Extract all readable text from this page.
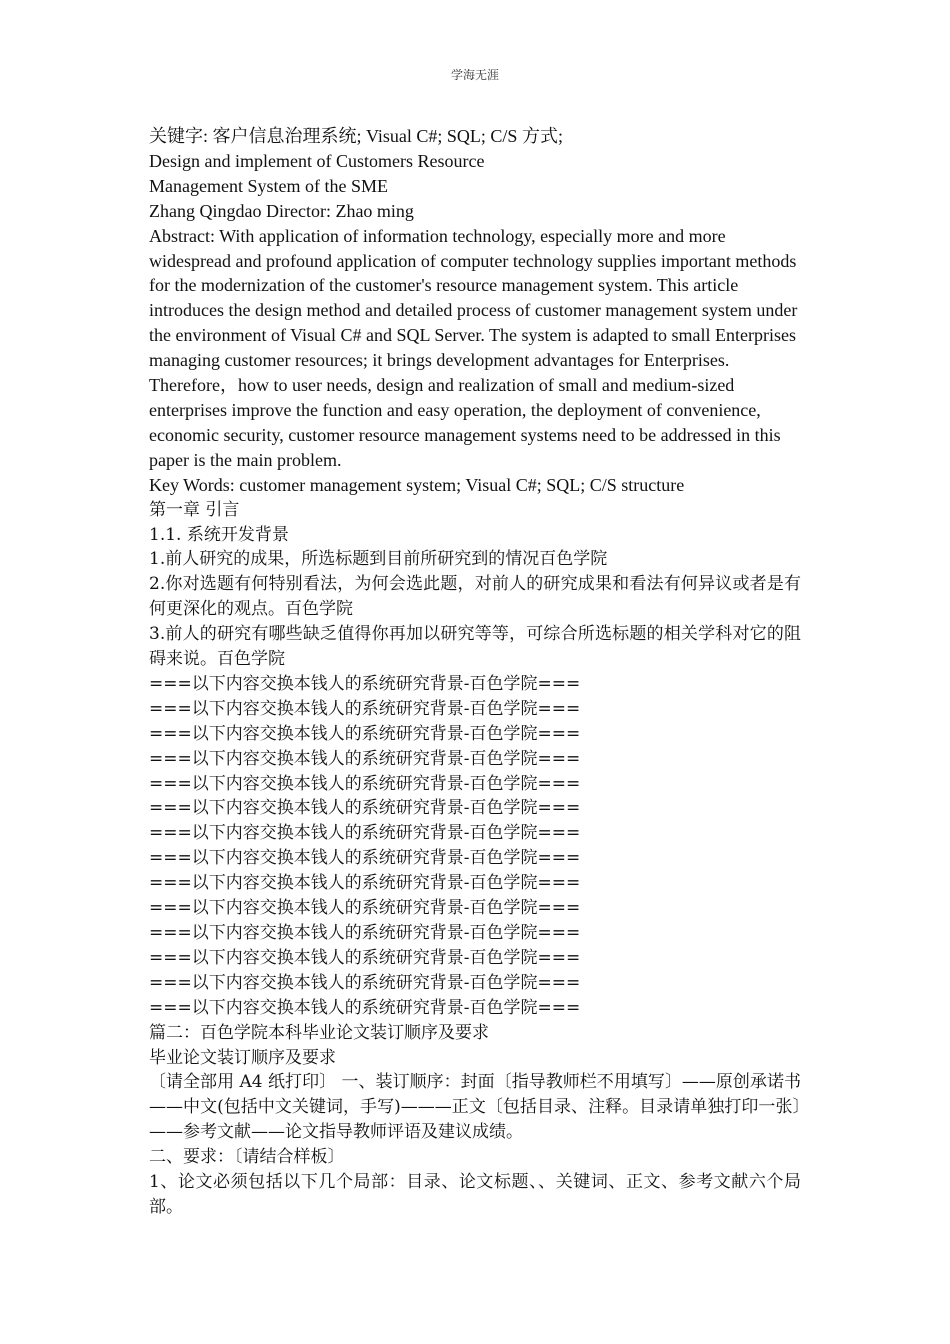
学海无涯

关键字: 客户信息治理系统; Visual C#; SQL; C/S 方式;

Design and implement of Customers Resource

Management System of the SME

Zhang Qingdao Director: Zhao ming

Abstract: With application of information technology, especially more and more widespread and profound application of computer technology supplies important methods for the modernization of the customer's resource management system. This article introduces the design method and detailed process of customer management system under the environment of Visual C# and SQL Server. The system is adapted to small Enterprises managing customer resources; it brings development advantages for Enterprises. Therefore，how to user needs, design and realization of small and medium-sized enterprises improve the function and easy operation, the deployment of convenience, economic security, customer resource management systems need to be addressed in this paper is the main problem.

Key Words: customer management system; Visual C#; SQL; C/S structure

第一章 引言

1.1. 系统开发背景

1.前人研究的成果，所选标题到目前所研究到的情况百色学院

2.你对选题有何特别看法，为何会选此题，对前人的研究成果和看法有何异议或者是有何更深化的观点。百色学院

3.前人的研究有哪些缺乏值得你再加以研究等等，可综合所选标题的相关学科对它的阻碍来说。百色学院

===以下内容交换本钱人的系统研究背景-百色学院===

===以下内容交换本钱人的系统研究背景-百色学院===

===以下内容交换本钱人的系统研究背景-百色学院===

===以下内容交换本钱人的系统研究背景-百色学院===

===以下内容交换本钱人的系统研究背景-百色学院===

===以下内容交换本钱人的系统研究背景-百色学院===

===以下内容交换本钱人的系统研究背景-百色学院===

===以下内容交换本钱人的系统研究背景-百色学院===

===以下内容交换本钱人的系统研究背景-百色学院===

===以下内容交换本钱人的系统研究背景-百色学院===

===以下内容交换本钱人的系统研究背景-百色学院===

===以下内容交换本钱人的系统研究背景-百色学院===

===以下内容交换本钱人的系统研究背景-百色学院===

===以下内容交换本钱人的系统研究背景-百色学院===

篇二：百色学院本科毕业论文装订顺序及要求

毕业论文装订顺序及要求

〔请全部用 A4 纸打印〕 一、装订顺序：封面〔指导教师栏不用填写〕——原创承诺书——中文(包括中文关键词，手写)———正文〔包括目录、注释。目录请单独打印一张〕——参考文献——论文指导教师评语及建议成绩。

二、要求：〔请结合样板〕

1、论文必须包括以下几个局部：目录、论文标题、、关键词、正文、参考文献六个局部。
